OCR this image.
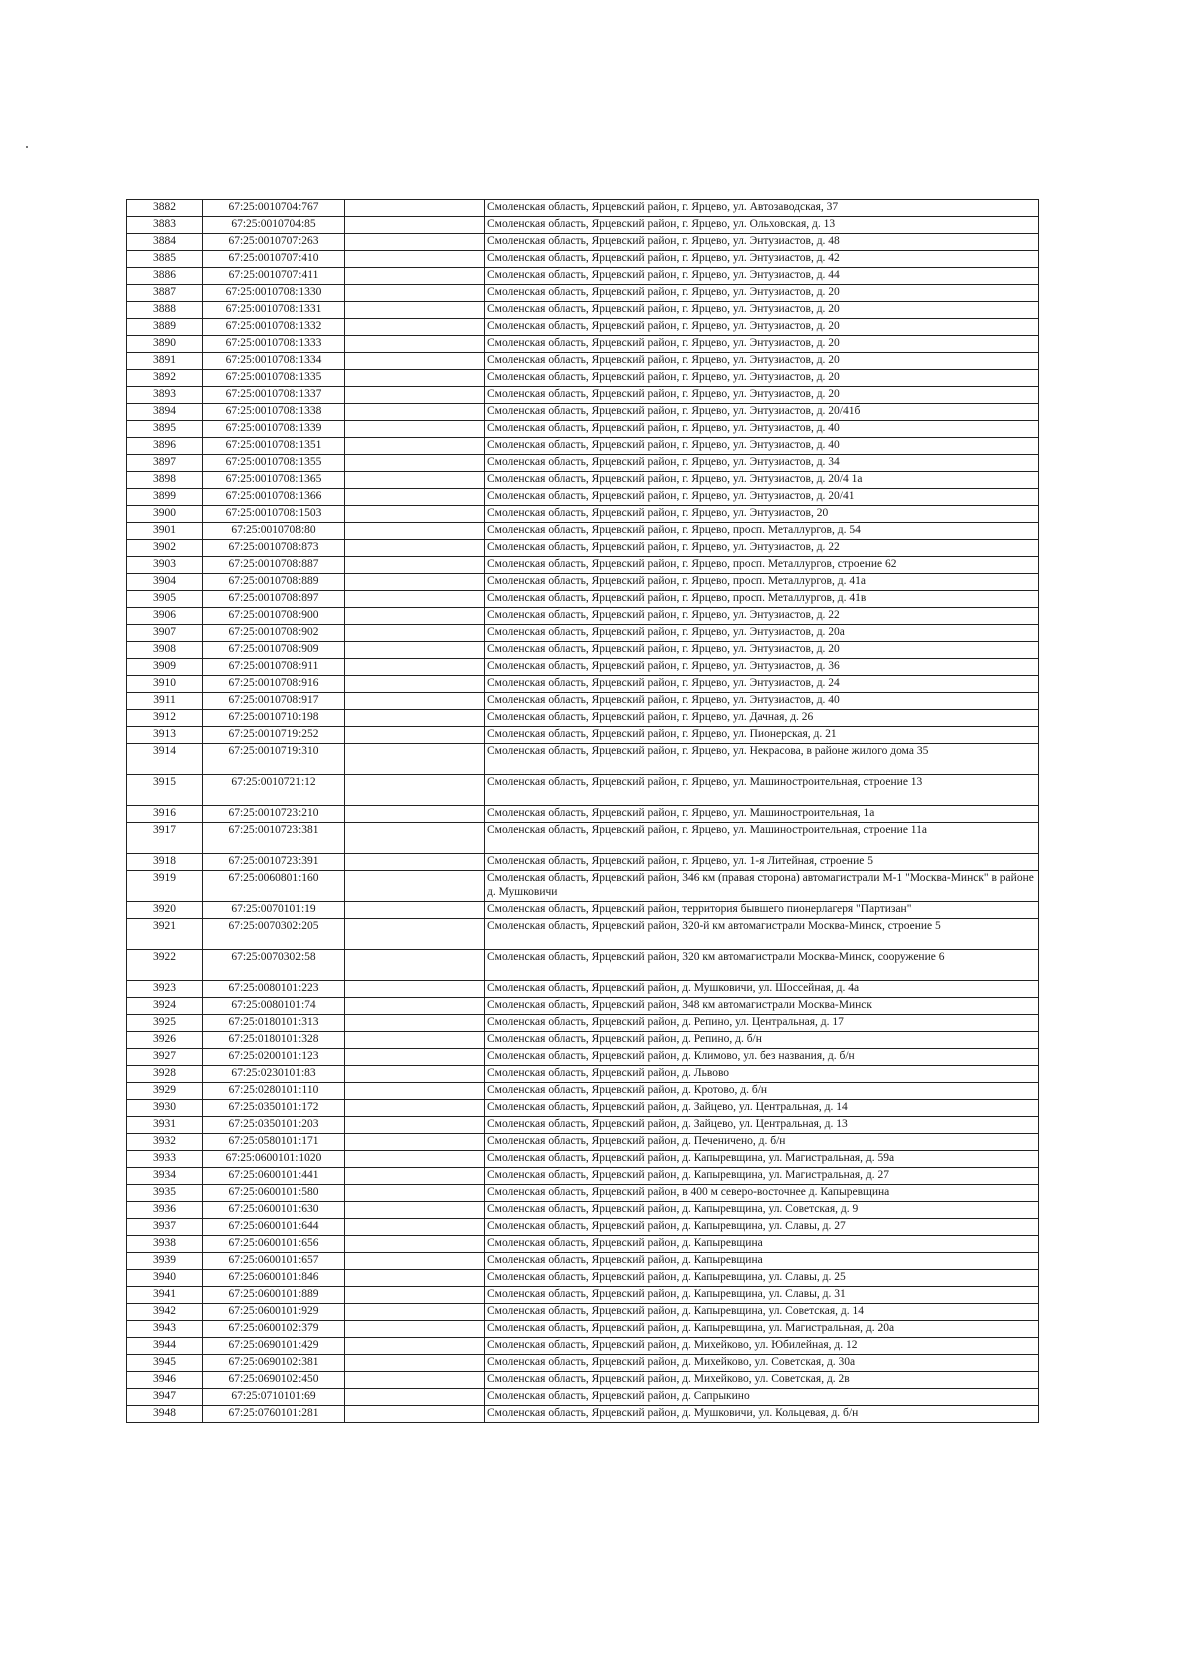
3882	67:25:0010704:767		Смоленская область, Ярцевский район, г. Ярцево, ул. Автозаводская, 37
3883	67:25:0010704:85		Смоленская область, Ярцевский район, г. Ярцево, ул. Ольховская, д. 13
3884	67:25:0010707:263		Смоленская область, Ярцевский район, г. Ярцево, ул. Энтузиастов, д. 48
3885	67:25:0010707:410		Смоленская область, Ярцевский район, г. Ярцево, ул. Энтузиастов, д. 42
3886	67:25:0010707:411		Смоленская область, Ярцевский район, г. Ярцево, ул. Энтузиастов, д. 44
3887	67:25:0010708:1330		Смоленская область, Ярцевский район, г. Ярцево, ул. Энтузиастов, д. 20
3888	67:25:0010708:1331		Смоленская область, Ярцевский район, г. Ярцево, ул. Энтузиастов, д. 20
3889	67:25:0010708:1332		Смоленская область, Ярцевский район, г. Ярцево, ул. Энтузиастов, д. 20
3890	67:25:0010708:1333		Смоленская область, Ярцевский район, г. Ярцево, ул. Энтузиастов, д. 20
3891	67:25:0010708:1334		Смоленская область, Ярцевский район, г. Ярцево, ул. Энтузиастов, д. 20
3892	67:25:0010708:1335		Смоленская область, Ярцевский район, г. Ярцево, ул. Энтузиастов, д. 20
3893	67:25:0010708:1337		Смоленская область, Ярцевский район, г. Ярцево, ул. Энтузиастов, д. 20
3894	67:25:0010708:1338		Смоленская область, Ярцевский район, г. Ярцево, ул. Энтузиастов, д. 20/41б
3895	67:25:0010708:1339		Смоленская область, Ярцевский район, г. Ярцево, ул. Энтузиастов, д. 40
3896	67:25:0010708:1351		Смоленская область, Ярцевский район, г. Ярцево, ул. Энтузиастов, д. 40
3897	67:25:0010708:1355		Смоленская область, Ярцевский район, г. Ярцево, ул. Энтузиастов, д. 34
3898	67:25:0010708:1365		Смоленская область, Ярцевский район, г. Ярцево, ул. Энтузиастов, д. 20/4 1а
3899	67:25:0010708:1366		Смоленская область, Ярцевский район, г. Ярцево, ул. Энтузиастов, д. 20/41
3900	67:25:0010708:1503		Смоленская область, Ярцевский район, г. Ярцево, ул. Энтузиастов, 20
3901	67:25:0010708:80		Смоленская область, Ярцевский район, г. Ярцево, просп. Металлургов, д. 54
3902	67:25:0010708:873		Смоленская область, Ярцевский район, г. Ярцево, ул. Энтузиастов, д. 22
3903	67:25:0010708:887		Смоленская область, Ярцевский район, г. Ярцево, просп. Металлургов, строение 62
3904	67:25:0010708:889		Смоленская область, Ярцевский район, г. Ярцево, просп. Металлургов, д. 41а
3905	67:25:0010708:897		Смоленская область, Ярцевский район, г. Ярцево, просп. Металлургов, д. 41в
3906	67:25:0010708:900		Смоленская область, Ярцевский район, г. Ярцево, ул. Энтузиастов, д. 22
3907	67:25:0010708:902		Смоленская область, Ярцевский район, г. Ярцево, ул. Энтузиастов, д. 20а
3908	67:25:0010708:909		Смоленская область, Ярцевский район, г. Ярцево, ул. Энтузиастов, д. 20
3909	67:25:0010708:911		Смоленская область, Ярцевский район, г. Ярцево, ул. Энтузиастов, д. 36
3910	67:25:0010708:916		Смоленская область, Ярцевский район, г. Ярцево, ул. Энтузиастов, д. 24
3911	67:25:0010708:917		Смоленская область, Ярцевский район, г. Ярцево, ул. Энтузиастов, д. 40
3912	67:25:0010710:198		Смоленская область, Ярцевский район, г. Ярцево, ул. Дачная, д. 26
3913	67:25:0010719:252		Смоленская область, Ярцевский район, г. Ярцево, ул. Пионерская, д. 21
3914	67:25:0010719:310		Смоленская область, Ярцевский район, г. Ярцево, ул. Некрасова, в районе жилого дома 35
3915	67:25:0010721:12		Смоленская область, Ярцевский район, г. Ярцево, ул. Машиностроительная, строение 13
3916	67:25:0010723:210		Смоленская область, Ярцевский район, г. Ярцево, ул. Машиностроительная, 1а
3917	67:25:0010723:381		Смоленская область, Ярцевский район, г. Ярцево, ул. Машиностроительная, строение 11а
3918	67:25:0010723:391		Смоленская область, Ярцевский район, г. Ярцево, ул. 1-я Литейная, строение 5
3919	67:25:0060801:160		Смоленская область, Ярцевский район, 346 км (правая сторона) автомагистрали М-1 "Москва-Минск" в районе д. Мушковичи
3920	67:25:0070101:19		Смоленская область, Ярцевский район, территория бывшего пионерлагеря "Партизан"
3921	67:25:0070302:205		Смоленская область, Ярцевский район, 320-й км автомагистрали Москва-Минск, строение 5
3922	67:25:0070302:58		Смоленская область, Ярцевский район, 320 км автомагистрали Москва-Минск, сооружение 6
3923	67:25:0080101:223		Смоленская область, Ярцевский район, д. Мушковичи, ул. Шоссейная, д. 4а
3924	67:25:0080101:74		Смоленская область, Ярцевский район, 348 км автомагистрали Москва-Минск
3925	67:25:0180101:313		Смоленская область, Ярцевский район, д. Репино, ул. Центральная, д. 17
3926	67:25:0180101:328		Смоленская область, Ярцевский район, д. Репино, д. б/н
3927	67:25:0200101:123		Смоленская область, Ярцевский район, д. Климово, ул. без названия, д. б/н
3928	67:25:0230101:83		Смоленская область, Ярцевский район, д. Львово
3929	67:25:0280101:110		Смоленская область, Ярцевский район, д. Кротово, д. б/н
3930	67:25:0350101:172		Смоленская область, Ярцевский район, д. Зайцево, ул. Центральная, д. 14
3931	67:25:0350101:203		Смоленская область, Ярцевский район, д. Зайцево, ул. Центральная, д. 13
3932	67:25:0580101:171		Смоленская область, Ярцевский район, д. Печеничено, д. б/н
3933	67:25:0600101:1020		Смоленская область, Ярцевский район, д. Капыревщина, ул. Магистральная, д. 59а
3934	67:25:0600101:441		Смоленская область, Ярцевский район, д. Капыревщина, ул. Магистральная, д. 27
3935	67:25:0600101:580		Смоленская область, Ярцевский район, в 400 м северо-восточнее д. Капыревщина
3936	67:25:0600101:630		Смоленская область, Ярцевский район, д. Капыревщина, ул. Советская, д. 9
3937	67:25:0600101:644		Смоленская область, Ярцевский район, д. Капыревщина, ул. Славы, д. 27
3938	67:25:0600101:656		Смоленская область, Ярцевский район, д. Капыревщина
3939	67:25:0600101:657		Смоленская область, Ярцевский район, д. Капыревщина
3940	67:25:0600101:846		Смоленская область, Ярцевский район, д. Капыревщина, ул. Славы, д. 25
3941	67:25:0600101:889		Смоленская область, Ярцевский район, д. Капыревщина, ул. Славы, д. 31
3942	67:25:0600101:929		Смоленская область, Ярцевский район, д. Капыревщина, ул. Советская, д. 14
3943	67:25:0600102:379		Смоленская область, Ярцевский район, д. Капыревщина, ул. Магистральная, д. 20а
3944	67:25:0690101:429		Смоленская область, Ярцевский район, д. Михейково, ул. Юбилейная, д. 12
3945	67:25:0690102:381		Смоленская область, Ярцевский район, д. Михейково, ул. Советская, д. 30а
3946	67:25:0690102:450		Смоленская область, Ярцевский район, д. Михейково, ул. Советская, д. 2в
3947	67:25:0710101:69		Смоленская область, Ярцевский район, д. Сапрыкино
3948	67:25:0760101:281		Смоленская область, Ярцевский район, д. Мушковичи, ул. Кольцевая, д. б/н
